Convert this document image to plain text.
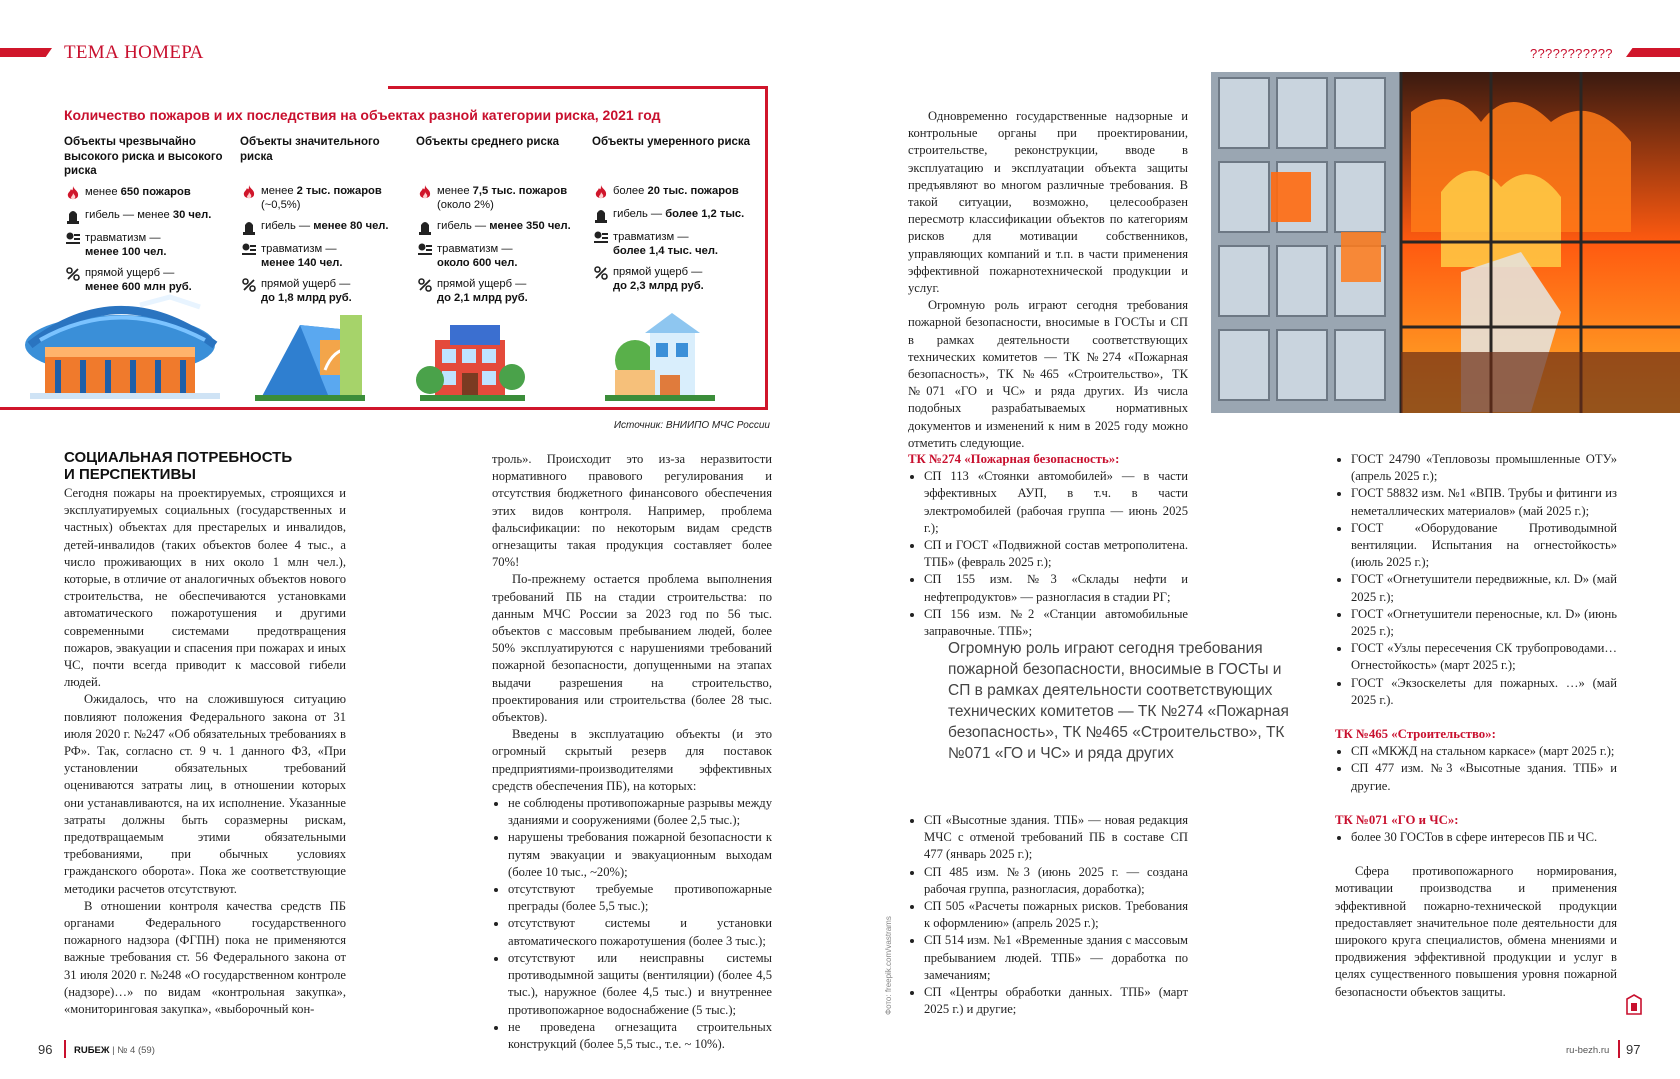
ТЕМА НОМЕРА	???????????
Количество пожаров и их последствия на объектах разной категории риска, 2021 год
Объекты чрезвычайно высокого риска и высокого риска
менее 650 пожаров

гибель — менее 30 чел.
травматизм —
менее 100 чел.
прямой ущерб —
менее 600 млн руб.
Объекты значительного риска
менее 2 тыс. пожаров
(~0,5%)
гибель — менее 80 чел.
травматизм —
менее 140 чел.
прямой ущерб —
до 1,8 млрд руб.
Объекты среднего риска
менее 7,5 тыс. пожаров
(около 2%)
гибель — менее 350 чел.
травматизм —
около 600 чел.
прямой ущерб —
до 2,1 млрд руб.
Объекты умеренного риска
более 20 тыс. пожаров

гибель — более 1,2 тыс.
травматизм —
более 1,4 тыс. чел.
прямой ущерб —
до 2,3 млрд руб.
Источник: ВНИИПО МЧС России
СОЦИАЛЬНАЯ ПОТРЕБНОСТЬ
И ПЕРСПЕКТИВЫ

Сегодня пожары на проектируемых, строящихся и эксплуатируемых социальных (государственных и частных) объектах для престарелых и инвалидов, детей-инвалидов (таких объектов более 4 тыс., а число проживающих в них около 1 млн чел.), которые, в отличие от аналогичных объектов нового строительства, не обеспечиваются установками автоматического пожаротушения и другими современными системами предотвращения пожаров, эвакуации и спасения при пожарах и иных ЧС, почти всегда приводит к массовой гибели людей.

Ожидалось, что на сложившуюся ситуацию повлияют положения Федерального закона от 31 июля 2020 г. №247 «Об обязательных требованиях в РФ». Так, согласно ст. 9 ч. 1 данного ФЗ, «При установлении обязательных требований оцениваются затраты лиц, в отношении которых они устанавливаются, на их исполнение. Указанные затраты должны быть соразмерны рискам, предотвращаемым этими обязательными требованиями, при обычных условиях гражданского оборота». Пока же соответствующие методики расчетов отсутствуют.

В отношении контроля качества средств ПБ органами Федерального государственного пожарного надзора (ФГПН) пока не применяются важные требования ст. 56 Федерального закона от 31 июля 2020 г. №248 «О государственном контроле (надзоре)…» по видам «контрольная закупка», «мониторинговая закупка», «выборочный кон-

троль». Происходит это из-за неразвитости нормативного правового регулирования и отсутствия бюджетного финансового обеспечения этих видов контроля. Например, проблема фальсификации: по некоторым видам средств огнезащиты такая продукция составляет более 70%!

По-прежнему остается проблема выполнения требований ПБ на стадии строительства: по данным МЧС России за 2023 год по 56 тыс. объектов с массовым пребыванием людей, более 50% эксплуатируются с нарушениями требований пожарной безопасности, допущенными на этапах выдачи разрешения на строительство, проектирования или строительства (более 28 тыс. объектов).

Введены в эксплуатацию объекты (и это огромный скрытый резерв для поставок предприятиями-производителями эффективных средств обеспечения ПБ), на которых:

• не соблюдены противопожарные разрывы между зданиями и сооружениями (более 2,5 тыс.);
• нарушены требования пожарной безопасности к путям эвакуации и эвакуационным выходам (более 10 тыс., ~20%);
• отсутствуют требуемые противопожарные преграды (более 5,5 тыс.);
• отсутствуют системы и установки автоматического пожаротушения (более 3 тыс.);
• отсутствуют или неисправны системы противодымной защиты (вентиляции) (более 4,5 тыс.), наружное (более 4,5 тыс.) и внутреннее противопожарное водоснабжение (5 тыс.);
• не проведена огнезащита строительных конструкций (более 5,5 тыс., т.е. ~ 10%).

Одновременно государственные надзорные и контрольные органы при проектировании, строительстве, реконструкции, вводе в эксплуатацию и эксплуатации объекта защиты предъявляют во многом различные требования. В такой ситуации, возможно, целесообразен пересмотр классификации объектов по категориям рисков для мотивации собственников, управляющих компаний и т.п. в части применения эффективной пожарнотехнической продукции и услуг.

Огромную роль играют сегодня требования пожарной безопасности, вносимые в ГОСТы и СП в рамках деятельности соответствующих технических комитетов — ТК №274 «Пожарная безопасность», ТК №465 «Строительство», ТК №071 «ГО и ЧС» и ряда других. Из числа подобных разрабатываемых нормативных документов и изменений к ним в 2025 году можно отметить следующие.

ТК №274 «Пожарная безопасность»:

• СП 113 «Стоянки автомобилей» — в части эффективных АУП, в т.ч. в части электромобилей (рабочая группа — июнь 2025 г.);
• СП и ГОСТ «Подвижной состав метрополитена. ТПБ» (февраль 2025 г.);
• СП 155 изм. №3 «Склады нефти и нефтепродуктов» — разногласия в стадии РГ;
• СП 156 изм. №2 «Станции автомобильные заправочные. ТПБ»;
Огромную роль играют сегодня требования пожарной безопасности, вносимые в ГОСТы и СП в рамках деятельности соответствующих технических комитетов — ТК №274 «Пожарная безопасность», ТК №465 «Строительство», ТК №071 «ГО и ЧС» и ряда других
• СП «Высотные здания. ТПБ» — новая редакция МЧС с отменой требований ПБ в составе СП 477 (январь 2025 г.);
• СП 485 изм. №3 (июнь 2025 г. — создана рабочая группа, разногласия, доработка);
• СП 505 «Расчеты пожарных рисков. Требования к оформлению» (апрель 2025 г.);
• СП 514 изм. №1 «Временные здания с массовым пребыванием людей. ТПБ» — доработка по замечаниям;
• СП «Центры обработки данных. ТПБ» (март 2025 г.) и другие;
Фото: freepik.com/vastrams
• ГОСТ 24790 «Тепловозы промышленные ОТУ» (апрель 2025 г.);
• ГОСТ 58832 изм. №1 «ВПВ. Трубы и фитинги из неметаллических материалов» (май 2025 г.);
• ГОСТ «Оборудование Противодымной вентиляции. Испытания на огнестойкость» (июль 2025 г.);
• ГОСТ «Огнетушители передвижные, кл. D» (май 2025 г.);
• ГОСТ «Огнетушители переносные, кл. D» (июнь 2025 г.);
• ГОСТ «Узлы пересечения СК трубопроводами… Огнестойкость» (март 2025 г.);
• ГОСТ «Экзоскелеты для пожарных. …» (май 2025 г.).

ТК №465 «Строительство»:

• СП «МКЖД на стальном каркасе» (март 2025 г.);
• СП 477 изм. №3 «Высотные здания. ТПБ» и другие.

ТК №071 «ГО и ЧС»:

• более 30 ГОСТов в сфере интересов ПБ и ЧС.

Сфера противопожарного нормирования, мотивации производства и применения эффективной пожарно-технической продукции предоставляет значительное поле деятельности для широкого круга специалистов, обмена мнениями и продвижения эффективной продукции и услуг в целях существенного повышения уровня пожарной безопасности объектов защиты.

96 RUБЕЖ | № 4 (59)	ru-bezh.ru 97
